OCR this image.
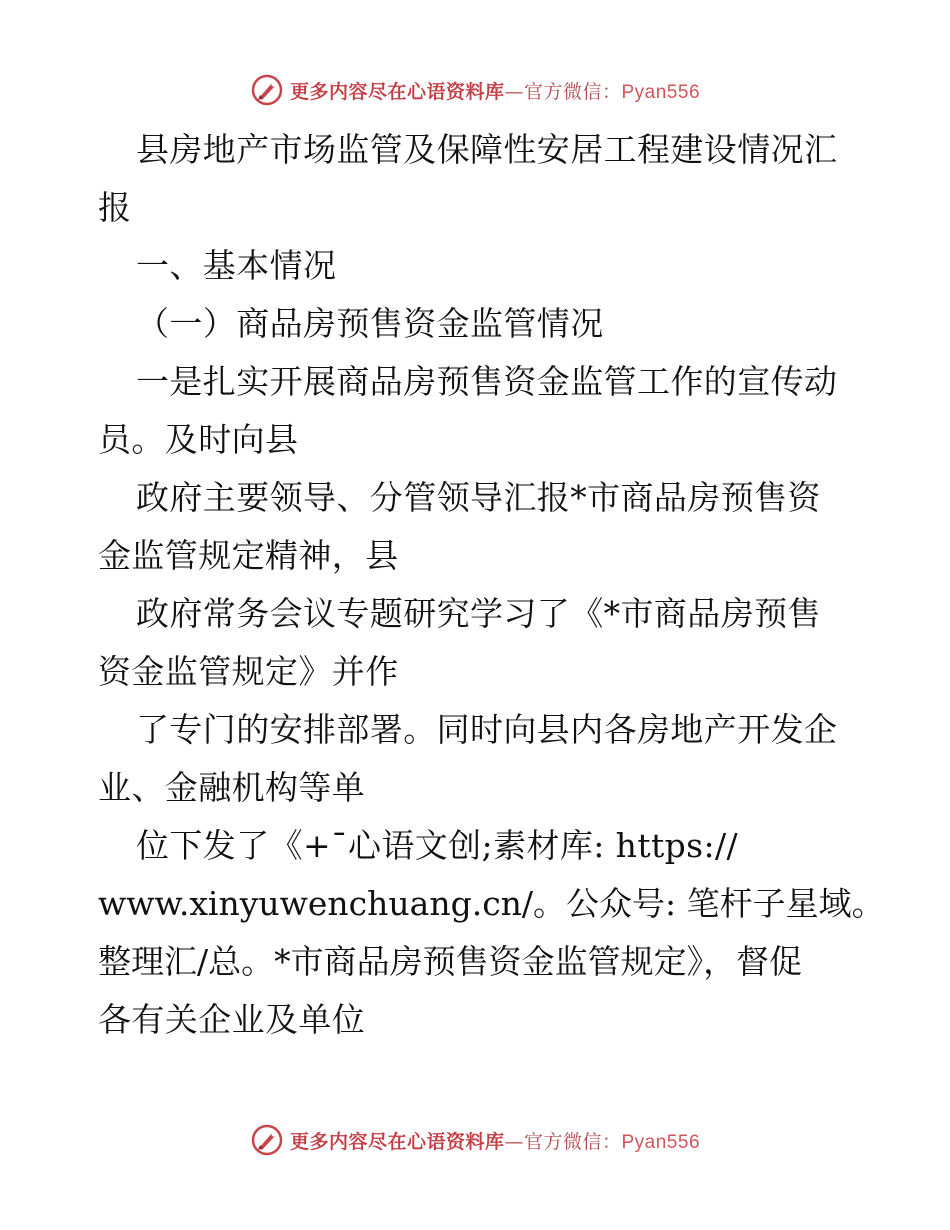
更多内容尽在心语资料库—官方微信：Pyan556
县房地产市场监管及保障性安居工程建设情况汇
报
一、基本情况
（一）商品房预售资金监管情况
一是扎实开展商品房预售资金监管工作的宣传动
员。及时向县
政府主要领导、分管领导汇报*市商品房预售资
金监管规定精神，县
政府常务会议专题研究学习了《*市商品房预售
资金监管规定》并作
了专门的安排部署。同时向县内各房地产开发企
业、金融机构等单
位下发了《+¯心语文创;素材库: https://
www.xinyuwenchuang.cn/。公众号: 笔杆子星域。
整理汇/总。*市商品房预售资金监管规定》，督促
各有关企业及单位
更多内容尽在心语资料库—官方微信：Pyan556
